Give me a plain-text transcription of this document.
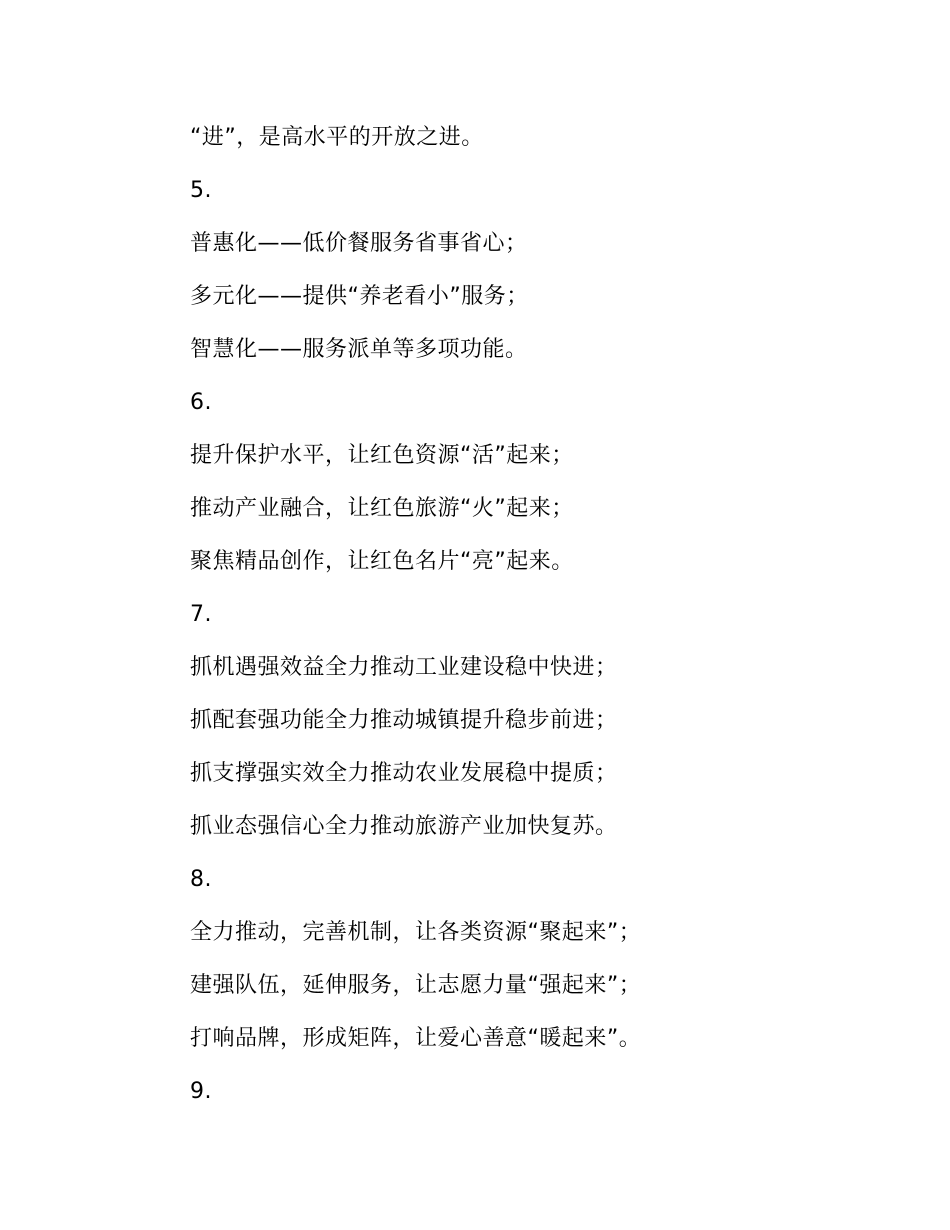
“进”，是高水平的开放之进。
5.
普惠化——低价餐服务省事省心；
多元化——提供“养老看小”服务；
智慧化——服务派单等多项功能。
6.
提升保护水平，让红色资源“活”起来；
推动产业融合，让红色旅游“火”起来；
聚焦精品创作，让红色名片“亮”起来。
7.
抓机遇强效益全力推动工业建设稳中快进；
抓配套强功能全力推动城镇提升稳步前进；
抓支撑强实效全力推动农业发展稳中提质；
抓业态强信心全力推动旅游产业加快复苏。
8.
全力推动，完善机制，让各类资源“聚起来”；
建强队伍，延伸服务，让志愿力量“强起来”；
打响品牌，形成矩阵，让爱心善意“暖起来”。
9.
